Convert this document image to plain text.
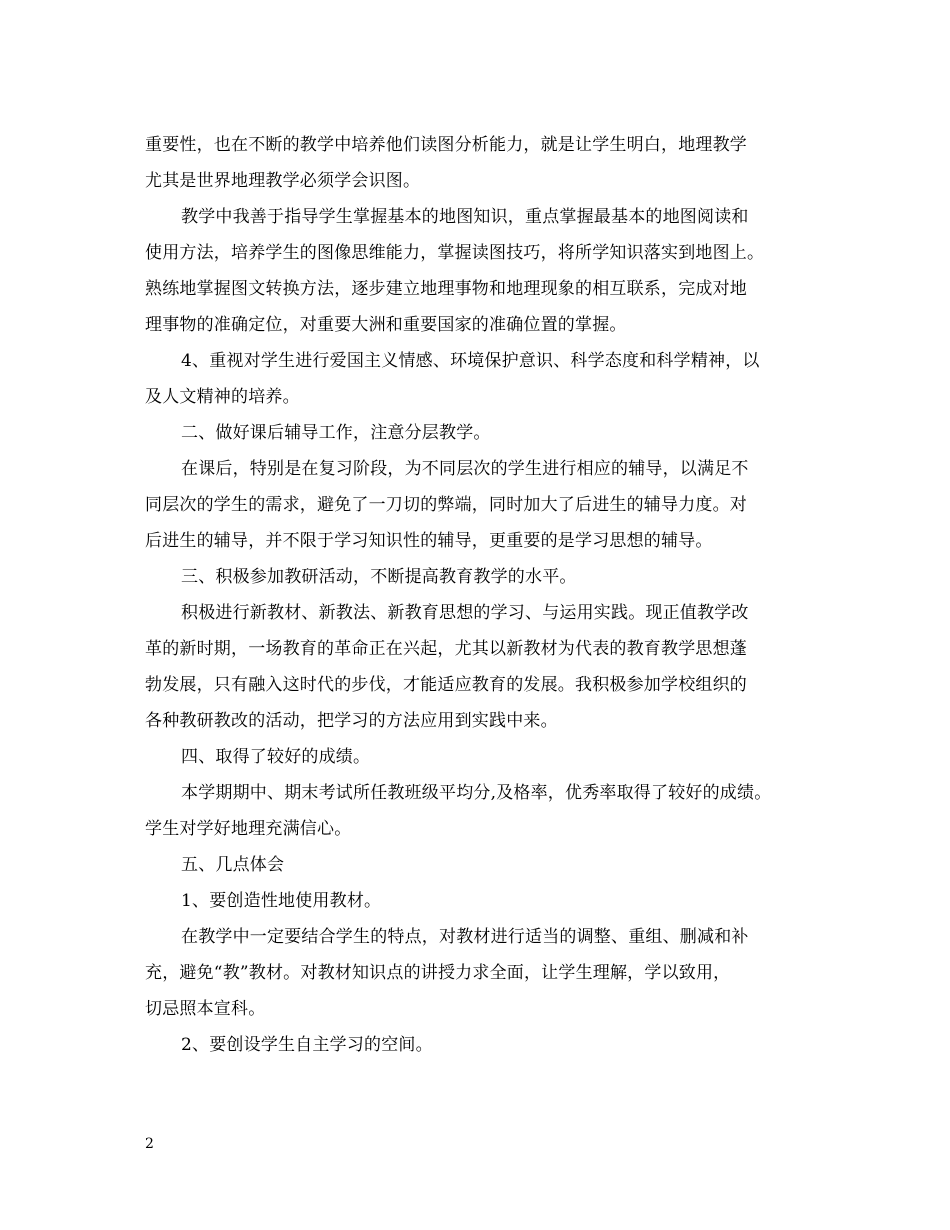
重要性，也在不断的教学中培养他们读图分析能力，就是让学生明白，地理教学
尤其是世界地理教学必须学会识图。
教学中我善于指导学生掌握基本的地图知识，重点掌握最基本的地图阅读和
使用方法，培养学生的图像思维能力，掌握读图技巧，将所学知识落实到地图上。
熟练地掌握图文转换方法，逐步建立地理事物和地理现象的相互联系，完成对地
理事物的准确定位，对重要大洲和重要国家的准确位置的掌握。
4、重视对学生进行爱国主义情感、环境保护意识、科学态度和科学精神，以
及人文精神的培养。
二、做好课后辅导工作，注意分层教学。
在课后，特别是在复习阶段，为不同层次的学生进行相应的辅导，以满足不
同层次的学生的需求，避免了一刀切的弊端，同时加大了后进生的辅导力度。对
后进生的辅导，并不限于学习知识性的辅导，更重要的是学习思想的辅导。
三、积极参加教研活动，不断提高教育教学的水平。
积极进行新教材、新教法、新教育思想的学习、与运用实践。现正值教学改
革的新时期，一场教育的革命正在兴起，尤其以新教材为代表的教育教学思想蓬
勃发展，只有融入这时代的步伐，才能适应教育的发展。我积极参加学校组织的
各种教研教改的活动，把学习的方法应用到实践中来。
四、取得了较好的成绩。
本学期期中、期末考试所任教班级平均分,及格率，优秀率取得了较好的成绩。
学生对学好地理充满信心。
五、几点体会
1、要创造性地使用教材。
在教学中一定要结合学生的特点，对教材进行适当的调整、重组、删减和补
充，避免“教”教材。对教材知识点的讲授力求全面，让学生理解，学以致用，
切忌照本宣科。
2、要创设学生自主学习的空间。
2
